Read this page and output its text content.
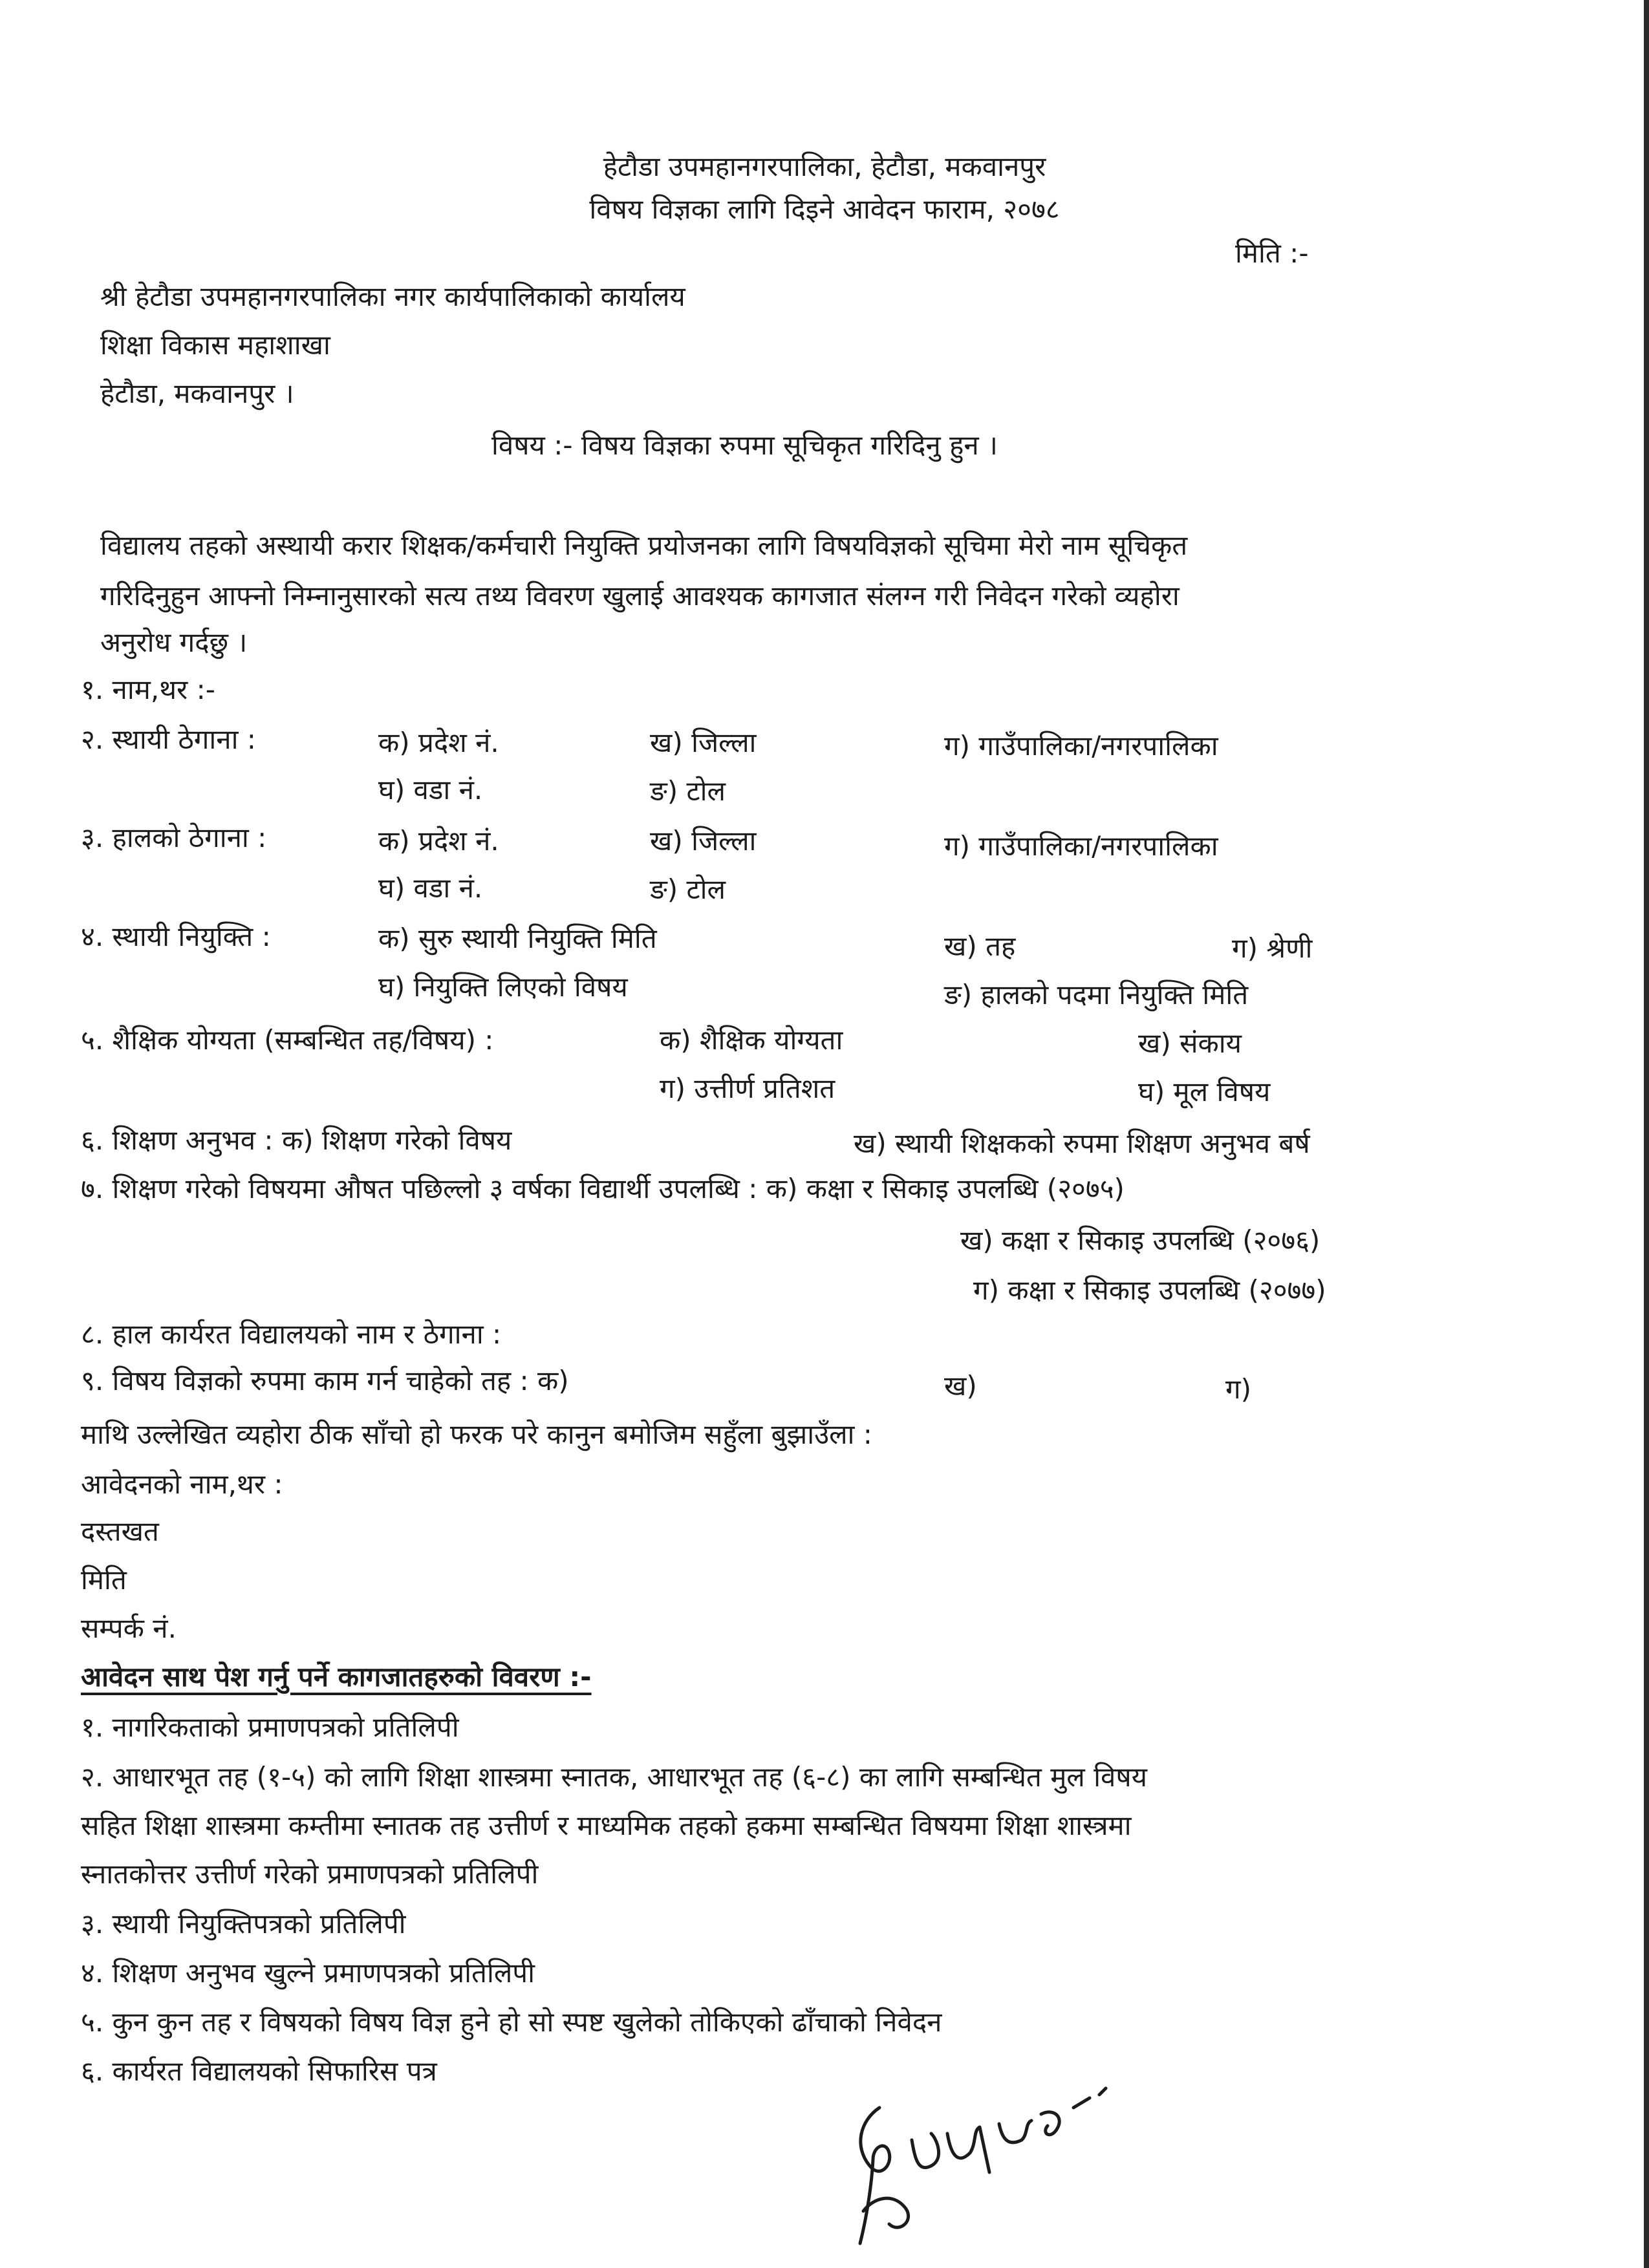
हेटौडा उपमहानगरपालिका, हेटौडा, मकवानपुर
विषय विज्ञका लागि दिइने आवेदन फाराम, २०७८
मिति :-
श्री हेटौडा उपमहानगरपालिका नगर कार्यपालिकाको कार्यालय
शिक्षा विकास महाशाखा
हेटौडा, मकवानपुर ।
विषय :- विषय विज्ञका रुपमा सूचिकृत गरिदिनु हुन ।
विद्यालय तहको अस्थायी करार शिक्षक/कर्मचारी नियुक्ति प्रयोजनका लागि विषयविज्ञको सूचिमा मेरो नाम सूचिकृत
गरिदिनुहुन आफ्नो निम्नानुसारको सत्य तथ्य विवरण खुलाई आवश्यक कागजात संलग्न गरी निवेदन गरेको व्यहोरा
अनुरोध गर्दछु ।
१. नाम,थर :-
२. स्थायी ठेगाना :	क) प्रदेश नं.	ख) जिल्ला	ग) गाउँपालिका/नगरपालिका
घ) वडा नं.	ङ) टोल
३. हालको ठेगाना :	क) प्रदेश नं.	ख) जिल्ला	ग) गाउँपालिका/नगरपालिका
घ) वडा नं.	ङ) टोल
४. स्थायी नियुक्ति :	क) सुरु स्थायी नियुक्ति मिति	ख) तह	ग) श्रेणी
घ) नियुक्ति लिएको विषय	ङ) हालको पदमा नियुक्ति मिति
५. शैक्षिक योग्यता (सम्बन्धित तह/विषय) :	क) शैक्षिक योग्यता	ख) संकाय
ग) उत्तीर्ण प्रतिशत	घ) मूल विषय
६. शिक्षण अनुभव : क) शिक्षण गरेको विषय	ख) स्थायी शिक्षकको रुपमा शिक्षण अनुभव बर्ष
७. शिक्षण गरेको विषयमा औषत पछिल्लो ३ वर्षका विद्यार्थी उपलब्धि : क) कक्षा र सिकाइ उपलब्धि (२०७५)
ख) कक्षा र सिकाइ उपलब्धि (२०७६)
ग) कक्षा र सिकाइ उपलब्धि (२०७७)
८. हाल कार्यरत विद्यालयको नाम र ठेगाना :
९. विषय विज्ञको रुपमा काम गर्न चाहेको तह : क)	ख)	ग)
माथि उल्लेखित व्यहोरा ठीक साँचो हो फरक परे कानुन बमोजिम सहुँला बुझाउँला :
आवेदनको नाम,थर :
दस्तखत
मिति
सम्पर्क नं.
आवेदन साथ पेश गर्नु पर्ने कागजातहरुको विवरण :-
१. नागरिकताको प्रमाणपत्रको प्रतिलिपी
२. आधारभूत तह (१-५) को लागि शिक्षा शास्त्रमा स्नातक, आधारभूत तह (६-८) का लागि सम्बन्धित मुल विषय
सहित शिक्षा शास्त्रमा कम्तीमा स्नातक तह उत्तीर्ण र माध्यमिक तहको हकमा सम्बन्धित विषयमा शिक्षा शास्त्रमा
स्नातकोत्तर उत्तीर्ण गरेको प्रमाणपत्रको प्रतिलिपी
३. स्थायी नियुक्तिपत्रको प्रतिलिपी
४. शिक्षण अनुभव खुल्ने प्रमाणपत्रको प्रतिलिपी
५. कुन कुन तह र विषयको विषय विज्ञ हुने हो सो स्पष्ट खुलेको तोकिएको ढाँचाको निवेदन
६. कार्यरत विद्यालयको सिफारिस पत्र
